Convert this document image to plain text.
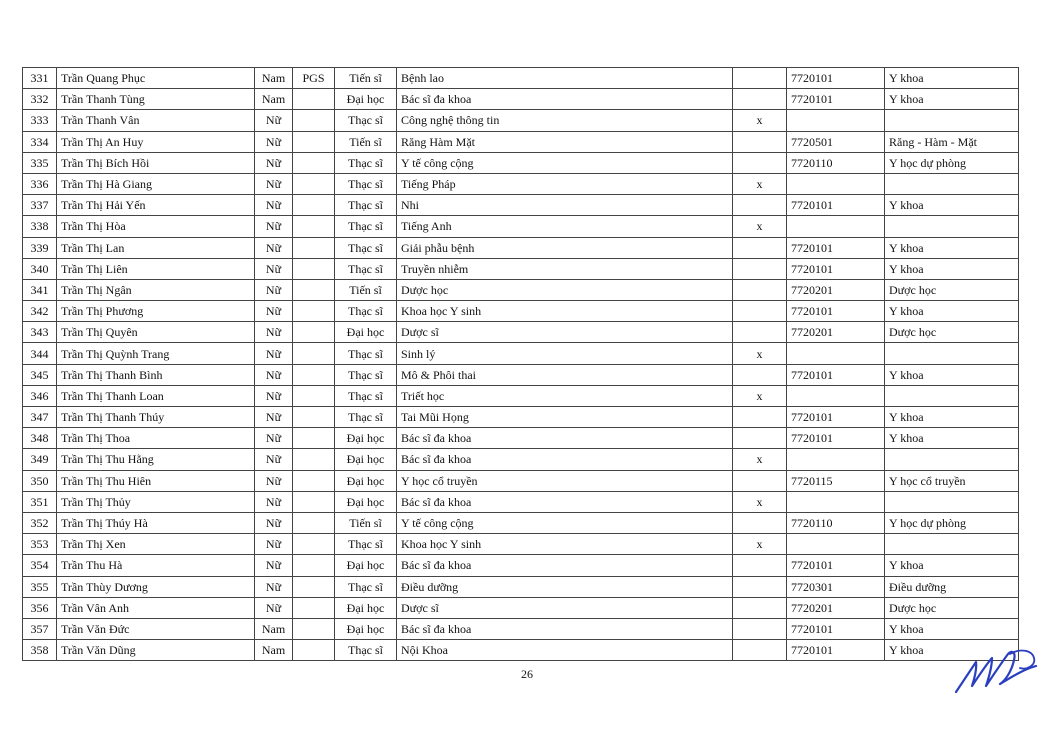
331	Trần Quang Phục	Nam	PGS	Tiến sĩ	Bệnh lao		7720101	Y khoa
332	Trần Thanh Tùng	Nam		Đại học	Bác sĩ đa khoa		7720101	Y khoa
333	Trần Thanh Vân	Nữ		Thạc sĩ	Công nghệ thông tin	x		
334	Trần Thị An Huy	Nữ		Tiến sĩ	Răng Hàm Mặt		7720501	Răng - Hàm - Mặt
335	Trần Thị Bích Hồi	Nữ		Thạc sĩ	Y tế công cộng		7720110	Y học dự phòng
336	Trần Thị Hà Giang	Nữ		Thạc sĩ	Tiếng Pháp	x		
337	Trần Thị Hải Yến	Nữ		Thạc sĩ	Nhi		7720101	Y khoa
338	Trần Thị Hòa	Nữ		Thạc sĩ	Tiếng Anh	x		
339	Trần Thị Lan	Nữ		Thạc sĩ	Giải phẫu bệnh		7720101	Y khoa
340	Trần Thị Liên	Nữ		Thạc sĩ	Truyền nhiễm		7720101	Y khoa
341	Trần Thị Ngân	Nữ		Tiến sĩ	Dược học		7720201	Dược học
342	Trần Thị Phương	Nữ		Thạc sĩ	Khoa học Y sinh		7720101	Y khoa
343	Trần Thị Quyên	Nữ		Đại học	Dược sĩ		7720201	Dược học
344	Trần Thị Quỳnh Trang	Nữ		Thạc sĩ	Sinh lý	x		
345	Trần Thị Thanh Bình	Nữ		Thạc sĩ	Mô & Phôi thai		7720101	Y khoa
346	Trần Thị Thanh Loan	Nữ		Thạc sĩ	Triết học	x		
347	Trần Thị Thanh Thúy	Nữ		Thạc sĩ	Tai Mũi Họng		7720101	Y khoa
348	Trần Thị Thoa	Nữ		Đại học	Bác sĩ đa khoa		7720101	Y khoa
349	Trần Thị Thu Hằng	Nữ		Đại học	Bác sĩ đa khoa	x		
350	Trần Thị Thu Hiên	Nữ		Đại học	Y học cổ truyền		7720115	Y học cổ truyền
351	Trần Thị Thủy	Nữ		Đại học	Bác sĩ đa khoa	x		
352	Trần Thị Thúy Hà	Nữ		Tiến sĩ	Y tế công cộng		7720110	Y học dự phòng
353	Trần Thị Xen	Nữ		Thạc sĩ	Khoa học Y sinh	x		
354	Trần Thu Hà	Nữ		Đại học	Bác sĩ đa khoa		7720101	Y khoa
355	Trần Thùy Dương	Nữ		Thạc sĩ	Điều dưỡng		7720301	Điều dưỡng
356	Trần Vân Anh	Nữ		Đại học	Dược sĩ		7720201	Dược học
357	Trần Văn Đức	Nam		Đại học	Bác sĩ đa khoa		7720101	Y khoa
358	Trần Văn Dũng	Nam		Thạc sĩ	Nội Khoa		7720101	Y khoa
26
